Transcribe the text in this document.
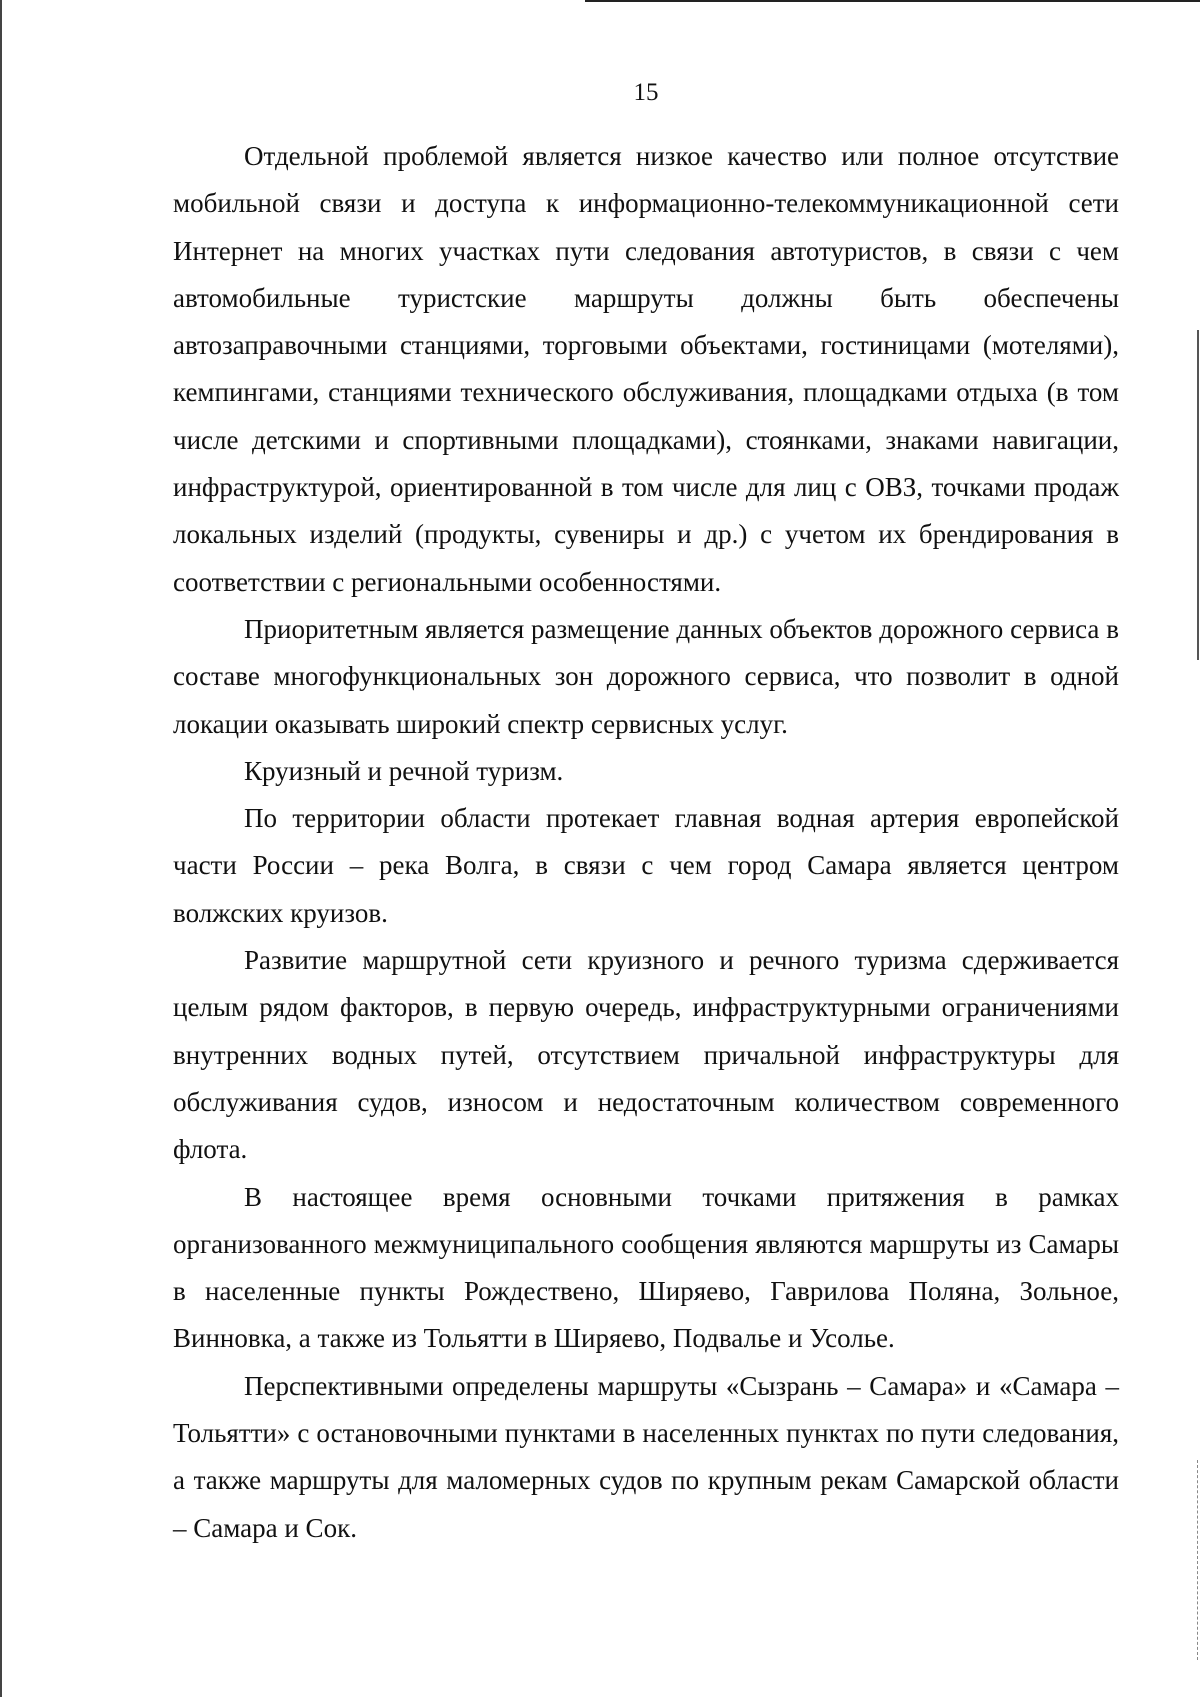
15

Отдельной проблемой является низкое качество или полное отсутствие мобильной связи и доступа к информационно-телекоммуникационной сети Интернет на многих участках пути следования автотуристов, в связи с чем автомобильные туристские маршруты должны быть обеспечены автозаправочными станциями, торговыми объектами, гостиницами (мотелями), кемпингами, станциями технического обслуживания, площадками отдыха (в том числе детскими и спортивными площадками), стоянками, знаками навигации, инфраструктурой, ориентированной в том числе для лиц с ОВЗ, точками продаж локальных изделий (продукты, сувениры и др.) с учетом их брендирования в соответствии с региональными особенностями.

Приоритетным является размещение данных объектов дорожного сервиса в составе многофункциональных зон дорожного сервиса, что позволит в одной локации оказывать широкий спектр сервисных услуг.

Круизный и речной туризм.

По территории области протекает главная водная артерия европейской части России – река Волга, в связи с чем город Самара является центром волжских круизов.

Развитие маршрутной сети круизного и речного туризма сдерживается целым рядом факторов, в первую очередь, инфраструктурными ограничениями внутренних водных путей, отсутствием причальной инфраструктуры для обслуживания судов, износом и недостаточным количеством современного флота.

В настоящее время основными точками притяжения в рамках организованного межмуниципального сообщения являются маршруты из Самары в населенные пункты Рождествено, Ширяево, Гаврилова Поляна, Зольное, Винновка, а также из Тольятти в Ширяево, Подвалье и Усолье.

Перспективными определены маршруты «Сызрань – Самара» и «Самара – Тольятти» с остановочными пунктами в населенных пунктах по пути следования, а также маршруты для маломерных судов по крупным рекам Самарской области – Самара и Сок.
